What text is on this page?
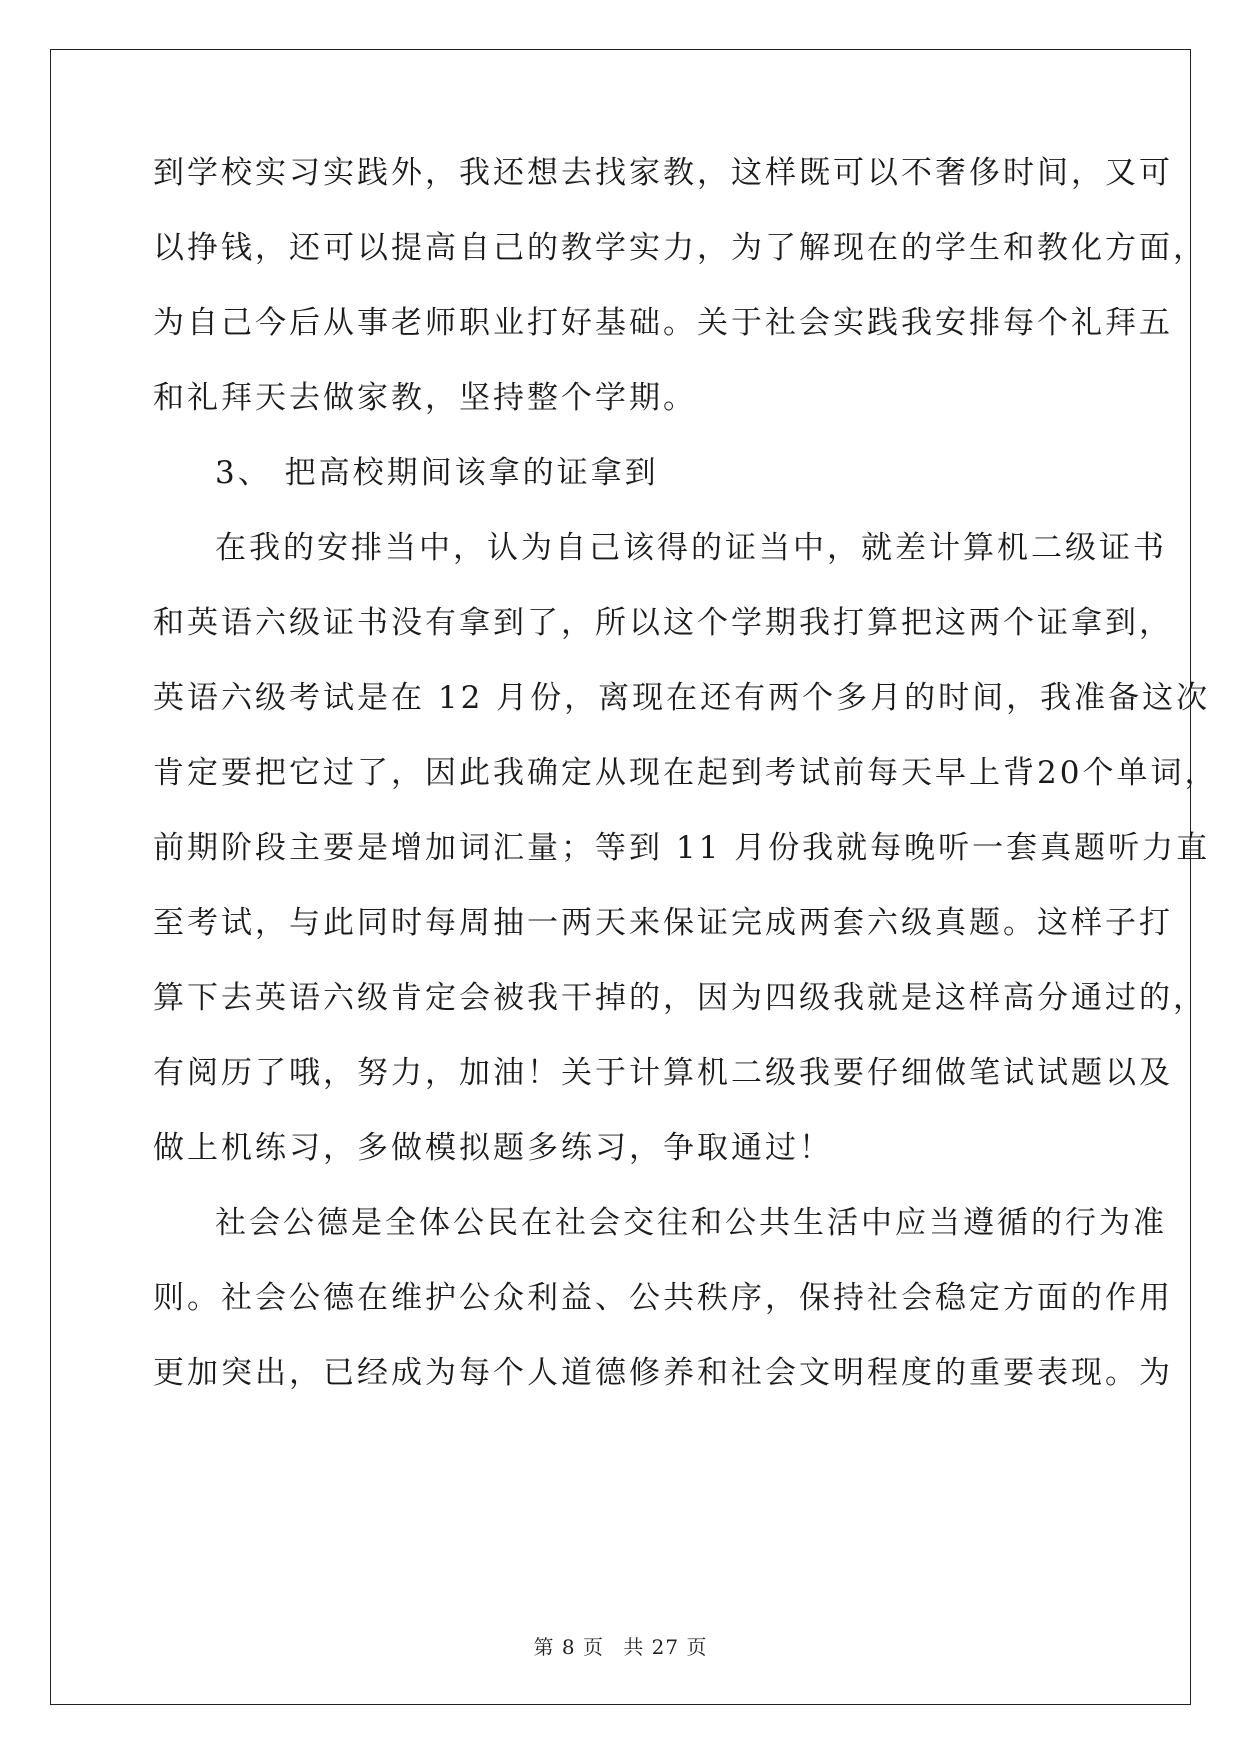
到学校实习实践外，我还想去找家教，这样既可以不奢侈时间，又可
以挣钱，还可以提高自己的教学实力，为了解现在的学生和教化方面，
为自己今后从事老师职业打好基础。关于社会实践我安排每个礼拜五
和礼拜天去做家教，坚持整个学期。
3、 把高校期间该拿的证拿到
在我的安排当中，认为自己该得的证当中，就差计算机二级证书
和英语六级证书没有拿到了，所以这个学期我打算把这两个证拿到，
英语六级考试是在 12 月份，离现在还有两个多月的时间，我准备这次
肯定要把它过了，因此我确定从现在起到考试前每天早上背20个单词，
前期阶段主要是增加词汇量；等到 11 月份我就每晚听一套真题听力直
至考试，与此同时每周抽一两天来保证完成两套六级真题。这样子打
算下去英语六级肯定会被我干掉的，因为四级我就是这样高分通过的，
有阅历了哦，努力，加油！关于计算机二级我要仔细做笔试试题以及
做上机练习，多做模拟题多练习，争取通过！
社会公德是全体公民在社会交往和公共生活中应当遵循的行为准
则。社会公德在维护公众利益、公共秩序，保持社会稳定方面的作用
更加突出，已经成为每个人道德修养和社会文明程度的重要表现。为
第 8 页 共 27 页
